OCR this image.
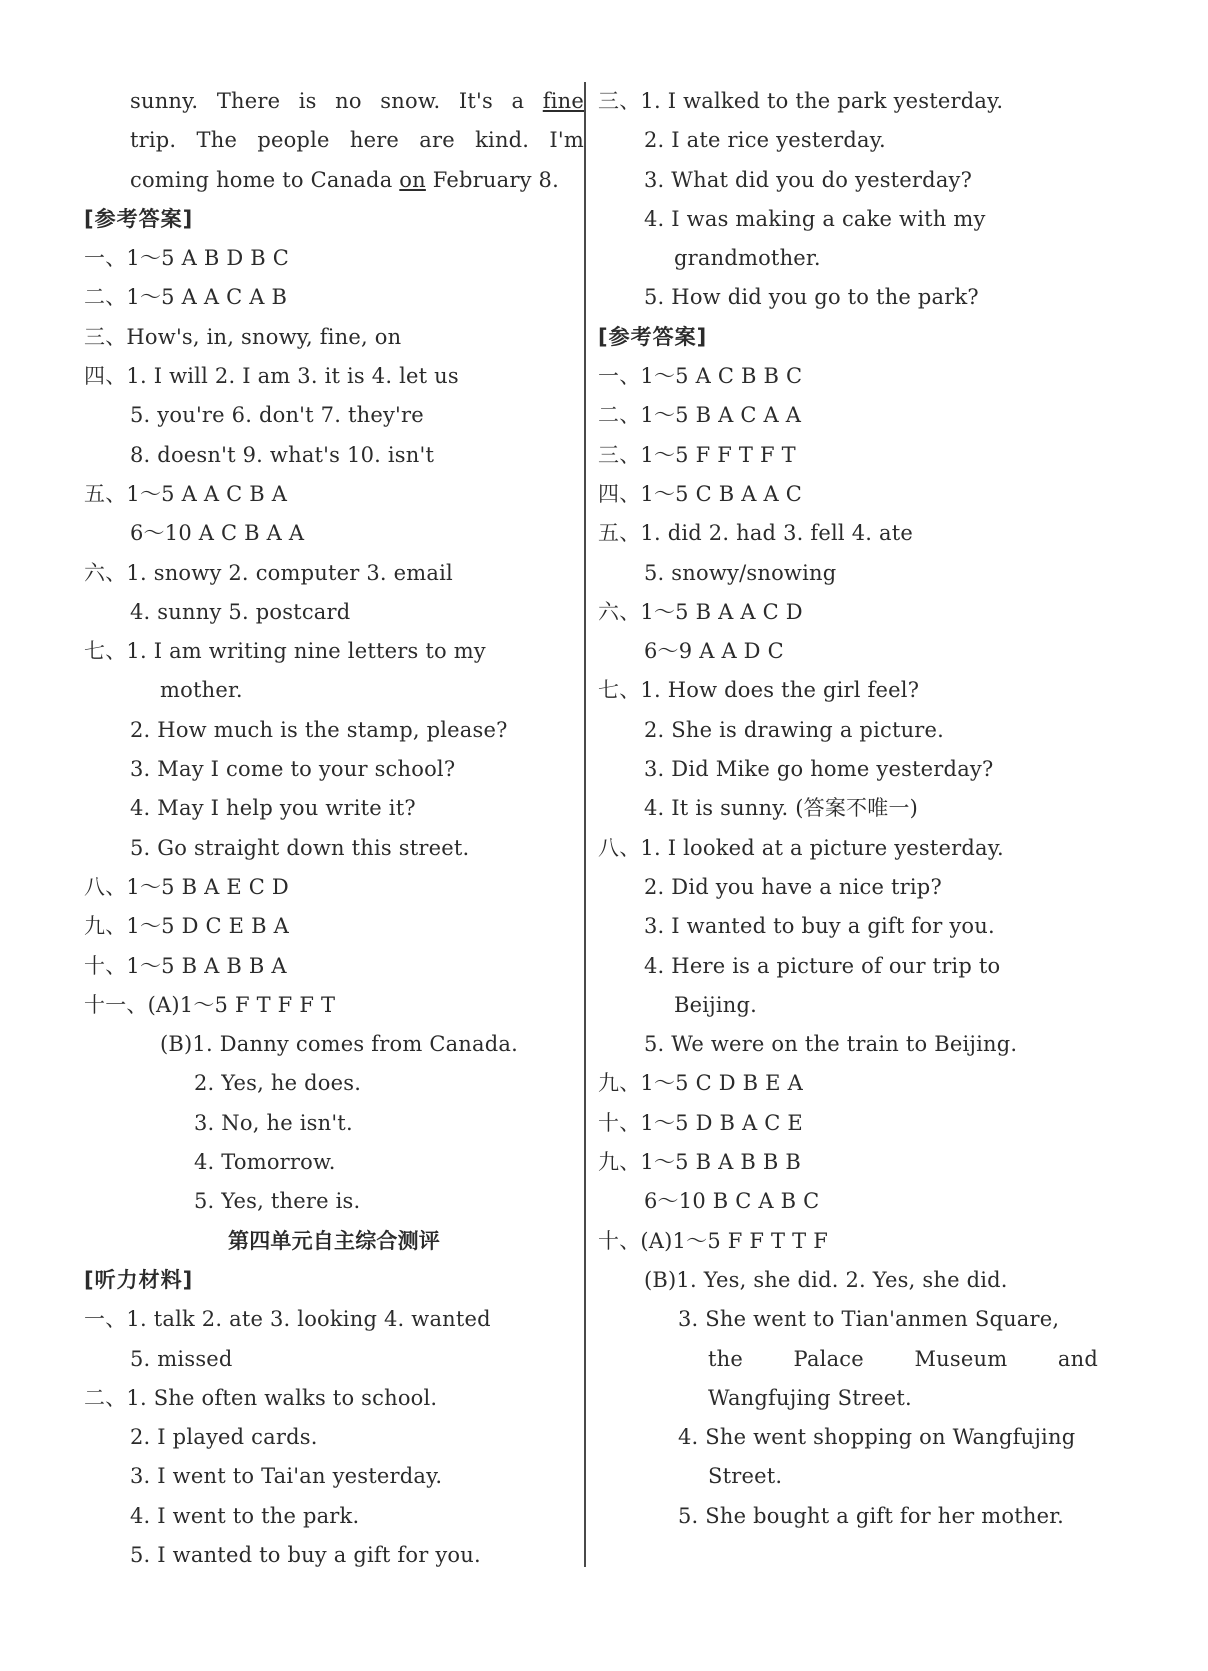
sunny. There is no snow. It's a fine
trip. The people here are kind. I'm
coming home to Canada on February 8.
[参考答案]
一、1～5 A B D B C
二、1～5 A A C A B
三、How's, in, snowy, fine, on
四、1. I will 2. I am 3. it is 4. let us
5. you're 6. don't 7. they're
8. doesn't 9. what's 10. isn't
五、1～5 A A C B A
6～10 A C B A A
六、1. snowy 2. computer 3. email
4. sunny 5. postcard
七、1. I am writing nine letters to my
mother.
2. How much is the stamp, please?
3. May I come to your school?
4. May I help you write it?
5. Go straight down this street.
八、1～5 B A E C D
九、1～5 D C E B A
十、1～5 B A B B A
十一、(A)1～5 F T F F T
(B)1. Danny comes from Canada.
2. Yes, he does.
3. No, he isn't.
4. Tomorrow.
5. Yes, there is.
第四单元自主综合测评
[听力材料]
一、1. talk 2. ate 3. looking 4. wanted
5. missed
二、1. She often walks to school.
2. I played cards.
3. I went to Tai'an yesterday.
4. I went to the park.
5. I wanted to buy a gift for you.
三、1. I walked to the park yesterday.
2. I ate rice yesterday.
3. What did you do yesterday?
4. I was making a cake with my
grandmother.
5. How did you go to the park?
[参考答案]
一、1～5 A C B B C
二、1～5 B A C A A
三、1～5 F F T F T
四、1～5 C B A A C
五、1. did 2. had 3. fell 4. ate
5. snowy/snowing
六、1～5 B A A C D
6～9 A A D C
七、1. How does the girl feel?
2. She is drawing a picture.
3. Did Mike go home yesterday?
4. It is sunny. (答案不唯一)
八、1. I looked at a picture yesterday.
2. Did you have a nice trip?
3. I wanted to buy a gift for you.
4. Here is a picture of our trip to
Beijing.
5. We were on the train to Beijing.
九、1～5 C D B E A
十、1～5 D B A C E
九、1～5 B A B B B
6～10 B C A B C
十、(A)1～5 F F T T F
(B)1. Yes, she did. 2. Yes, she did.
3. She went to Tian'anmen Square,
the Palace Museum and
Wangfujing Street.
4. She went shopping on Wangfujing
Street.
5. She bought a gift for her mother.
